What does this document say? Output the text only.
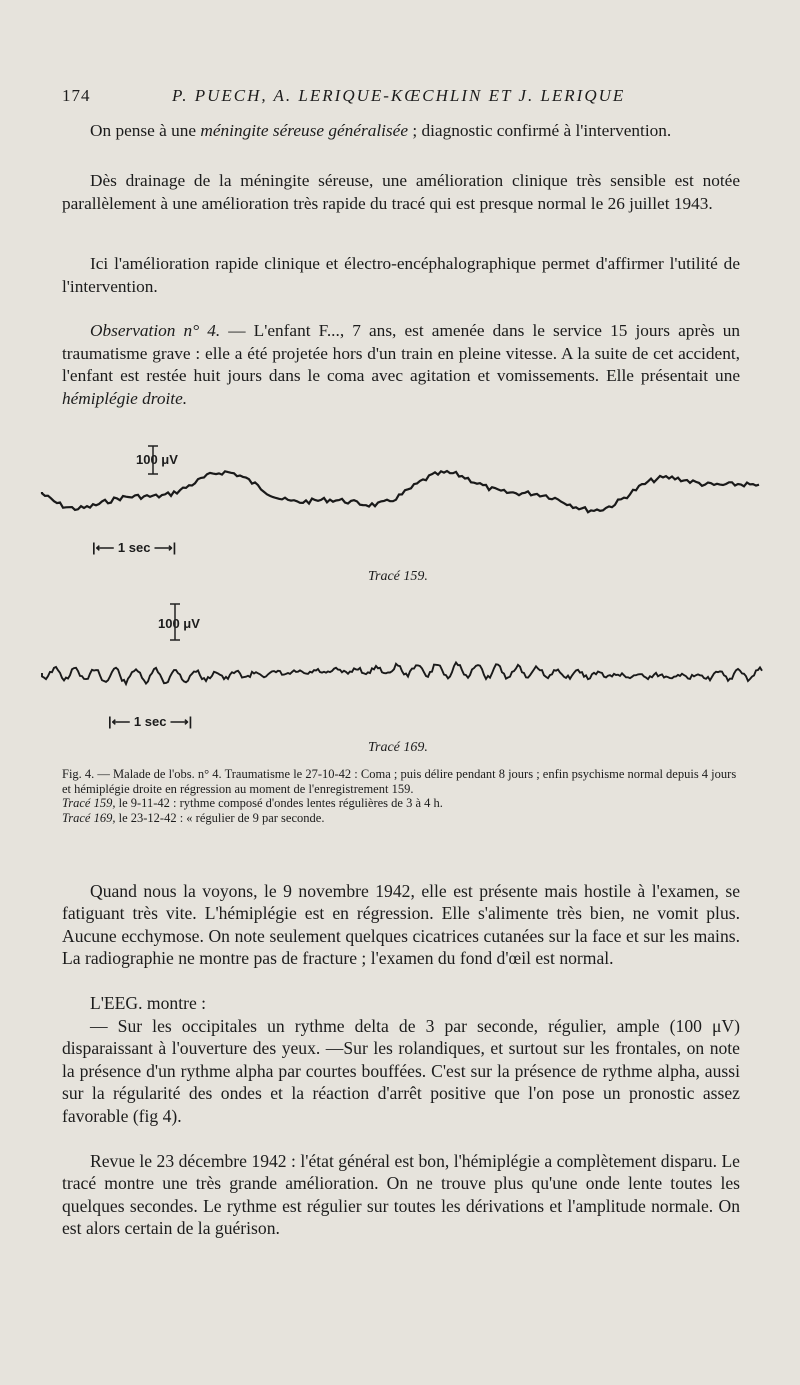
174	P. PUECH, A. LERIQUE-KŒCHLIN ET J. LERIQUE

On pense à une méningite séreuse généralisée ; diagnostic confirmé à l'intervention.

Dès drainage de la méningite séreuse, une amélioration clinique très sensible est notée parallèlement à une amélioration très rapide du tracé qui est presque normal le 26 juillet 1943.

Ici l'amélioration rapide clinique et électro-encéphalographique permet d'affirmer l'utilité de l'intervention.

Observation n° 4. — L'enfant F..., 7 ans, est amenée dans le service 15 jours après un traumatisme grave : elle a été projetée hors d'un train en pleine vitesse. A la suite de cet accident, l'enfant est restée huit jours dans le coma avec agitation et vomissements. Elle présentait une hémiplégie droite.

100 μV
|⟵ 1 sec ⟶|
Tracé 159.
100 μV
|⟵ 1 sec ⟶|
Tracé 169.

Fig. 4. — Malade de l'obs. n° 4. Traumatisme le 27-10-42 : Coma ; puis délire pendant 8 jours ; enfin psychisme normal depuis 4 jours et hémiplégie droite en régression au moment de l'enregistrement 159.
Tracé 159, le 9-11-42 : rythme composé d'ondes lentes régulières de 3 à 4 h.
Tracé 169, le 23-12-42 : « régulier de 9 par seconde.

Quand nous la voyons, le 9 novembre 1942, elle est présente mais hostile à l'examen, se fatiguant très vite. L'hémiplégie est en régression. Elle s'alimente très bien, ne vomit plus. Aucune ecchymose. On note seulement quelques cicatrices cutanées sur la face et sur les mains. La radiographie ne montre pas de fracture ; l'examen du fond d'œil est normal.

L'EEG. montre :

— Sur les occipitales un rythme delta de 3 par seconde, régulier, ample (100 μV) disparaissant à l'ouverture des yeux. —Sur les rolandiques, et surtout sur les frontales, on note la présence d'un rythme alpha par courtes bouffées. C'est sur la présence de rythme alpha, aussi sur la régularité des ondes et la réaction d'arrêt positive que l'on pose un pronostic assez favorable (fig 4).

Revue le 23 décembre 1942 : l'état général est bon, l'hémiplégie a complètement disparu. Le tracé montre une très grande amélioration. On ne trouve plus qu'une onde lente toutes les quelques secondes. Le rythme est régulier sur toutes les dérivations et l'amplitude normale. On est alors certain de la guérison.
